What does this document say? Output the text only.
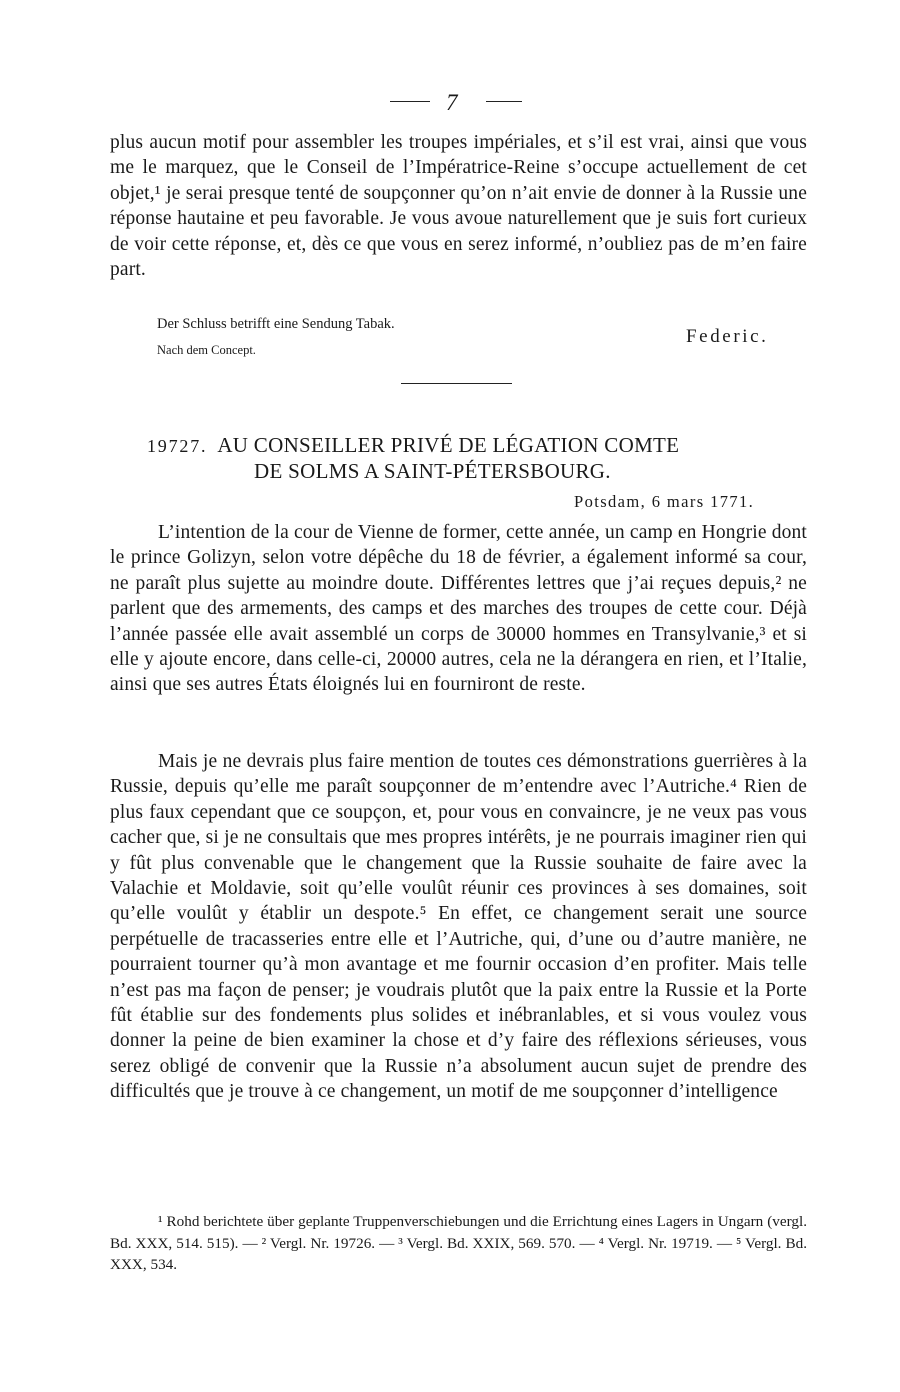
7

plus aucun motif pour assembler les troupes impériales, et s’il est vrai, ainsi que vous me le marquez, que le Conseil de l’Impératrice-Reine s’occupe actuellement de cet objet,¹ je serai presque tenté de soupçonner qu’on n’ait envie de donner à la Russie une réponse hautaine et peu favorable. Je vous avoue naturellement que je suis fort curieux de voir cette réponse, et, dès ce que vous en serez informé, n’oubliez pas de m’en faire part.

Der Schluss betrifft eine Sendung Tabak.
Nach dem Concept.
Federic.
19727. AU CONSEILLER PRIVÉ DE LÉGATION COMTE
DE SOLMS A SAINT-PÉTERSBOURG.
Potsdam, 6 mars 1771.

L’intention de la cour de Vienne de former, cette année, un camp en Hongrie dont le prince Golizyn, selon votre dépêche du 18 de février, a également informé sa cour, ne paraît plus sujette au moindre doute. Différentes lettres que j’ai reçues depuis,² ne parlent que des armements, des camps et des marches des troupes de cette cour. Déjà l’année passée elle avait assemblé un corps de 30000 hommes en Transylvanie,³ et si elle y ajoute encore, dans celle-ci, 20000 autres, cela ne la dérangera en rien, et l’Italie, ainsi que ses autres États éloignés lui en fourniront de reste.

Mais je ne devrais plus faire mention de toutes ces démonstrations guerrières à la Russie, depuis qu’elle me paraît soupçonner de m’entendre avec l’Autriche.⁴ Rien de plus faux cependant que ce soupçon, et, pour vous en convaincre, je ne veux pas vous cacher que, si je ne consultais que mes propres intérêts, je ne pourrais imaginer rien qui y fût plus convenable que le changement que la Russie souhaite de faire avec la Valachie et Moldavie, soit qu’elle voulût réunir ces provinces à ses domaines, soit qu’elle voulût y établir un despote.⁵ En effet, ce changement serait une source perpétuelle de tracasseries entre elle et l’Autriche, qui, d’une ou d’autre manière, ne pourraient tourner qu’à mon avantage et me fournir occasion d’en profiter. Mais telle n’est pas ma façon de penser; je voudrais plutôt que la paix entre la Russie et la Porte fût établie sur des fondements plus solides et inébranlables, et si vous voulez vous donner la peine de bien examiner la chose et d’y faire des réflexions sérieuses, vous serez obligé de convenir que la Russie n’a absolument aucun sujet de prendre des difficultés que je trouve à ce changement, un motif de me soupçonner d’intelligence

¹ Rohd berichtete über geplante Truppenverschiebungen und die Errichtung eines Lagers in Ungarn (vergl. Bd. XXX, 514. 515). — ² Vergl. Nr. 19726. — ³ Vergl. Bd. XXIX, 569. 570. — ⁴ Vergl. Nr. 19719. — ⁵ Vergl. Bd. XXX, 534.
